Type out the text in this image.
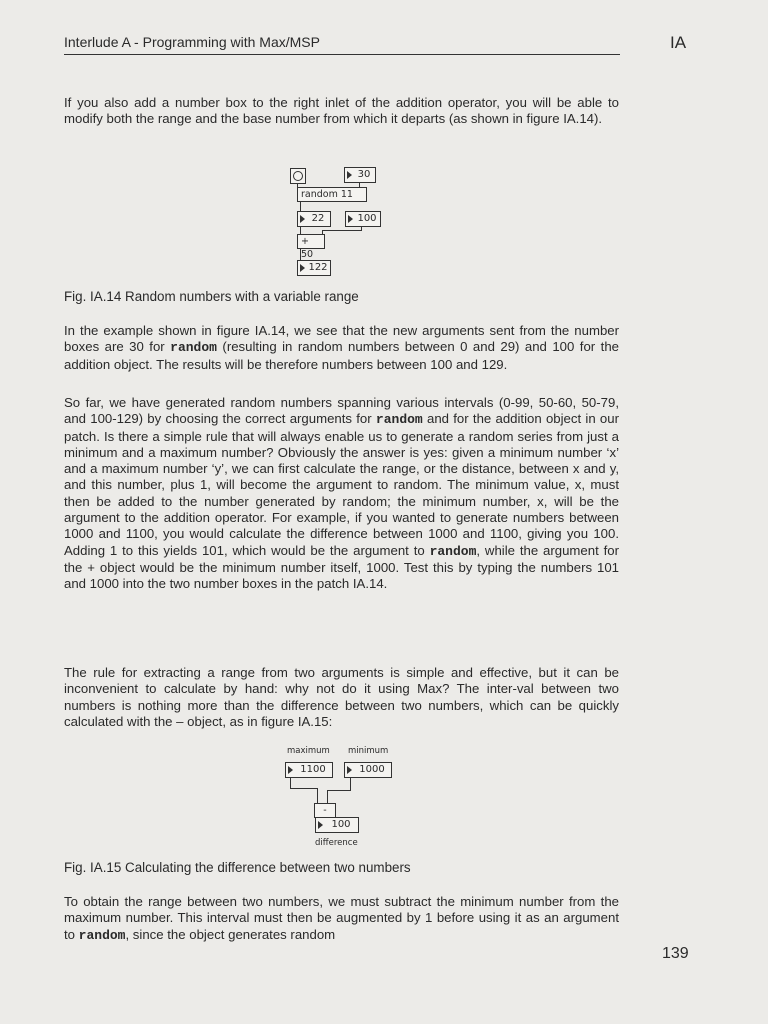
Interlude A - Programming with Max/MSP	IA

If you also add a number box to the right inlet of the addition operator, you will be able to modify both the range and the base number from which it departs (as shown in figure IA.14).

30
random 11
22	100
+ 50
122
Fig. IA.14 Random numbers with a variable range

In the example shown in figure IA.14, we see that the new arguments sent from the number boxes are 30 for random (resulting in random numbers between 0 and 29) and 100 for the addition object. The results will be therefore numbers between 100 and 129.

So far, we have generated random numbers spanning various intervals (0-99, 50-60, 50-79, and 100-129) by choosing the correct arguments for random and for the addition object in our patch. Is there a simple rule that will always enable us to generate a random series from just a minimum and a maximum number? Obviously the answer is yes: given a minimum number ‘x’ and a maximum number ‘y’, we can first calculate the range, or the distance, between x and y, and this number, plus 1, will become the argument to random. The minimum value, x, must then be added to the number generated by random; the minimum number, x, will be the argument to the addition operator. For example, if you wanted to generate numbers between 1000 and 1100, you would calculate the difference between 1000 and 1100, giving you 100. Adding 1 to this yields 101, which would be the argument to random, while the argument for the + object would be the minimum number itself, 1000. Test this by typing the numbers 101 and 1000 into the two number boxes in the patch IA.14.

The rule for extracting a range from two arguments is simple and effective, but it can be inconvenient to calculate by hand: why not do it using Max? The inter-val between two numbers is nothing more than the difference between two numbers, which can be quickly calculated with the – object, as in figure IA.15:

maximum minimum
1100	1000
-
100
difference
Fig. IA.15 Calculating the difference between two numbers

To obtain the range between two numbers, we must subtract the minimum number from the maximum number. This interval must then be augmented by 1 before using it as an argument to random, since the object generates random

139
